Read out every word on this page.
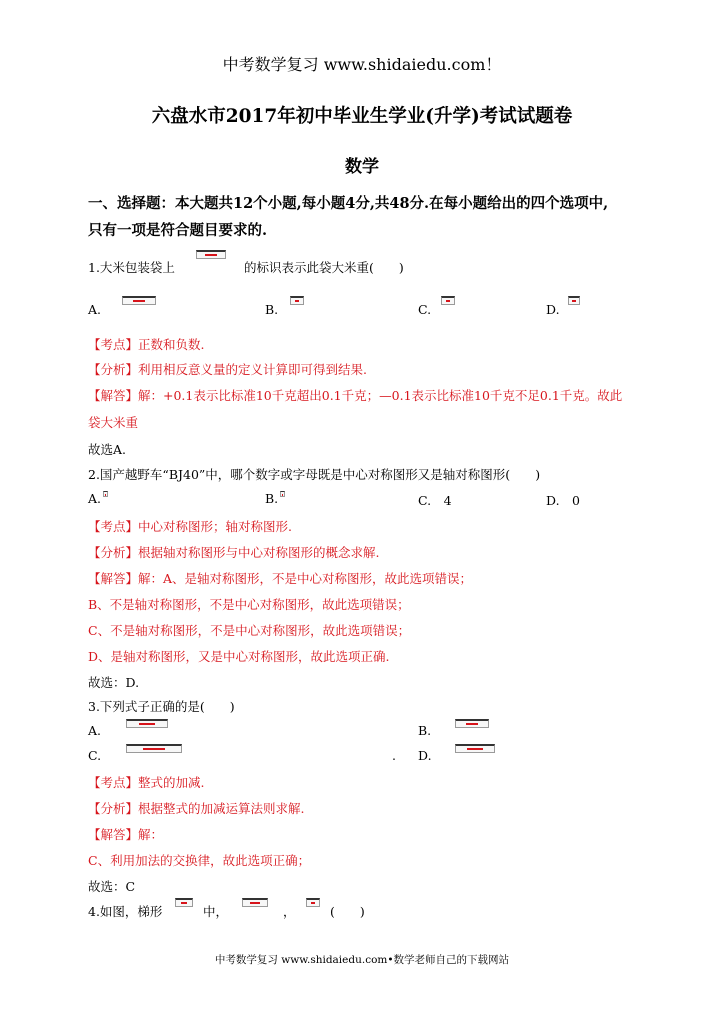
中考数学复习 www.shidaiedu.com！
六盘水市2017年初中毕业生学业(升学)考试试题卷
数学
一、选择题：本大题共12个小题,每小题4分,共48分.在每小题给出的四个选项中,
只有一项是符合题目要求的.
1.大米包装袋上	的标识表示此袋大米重(　　)
A.	B.	C.	D.
【考点】正数和负数.
【分析】利用相反意义量的定义计算即可得到结果.
【解答】解：+0.1表示比标准10千克超出0.1千克；—0.1表示比标准10千克不足0.1千克。故此
袋大米重
故选A.
2.国产越野车“BJ40”中，哪个数字或字母既是中心对称图形又是轴对称图形(　　)
A.	B.	C.　4	D.　0
【考点】中心对称图形；轴对称图形.
【分析】根据轴对称图形与中心对称图形的概念求解.
【解答】解：A、是轴对称图形，不是中心对称图形，故此选项错误；
B、不是轴对称图形，不是中心对称图形，故此选项错误；
C、不是轴对称图形，不是中心对称图形，故此选项错误；
D、是轴对称图形，又是中心对称图形，故此选项正确.
故选：D.
3.下列式子正确的是(　　)
A.	B.
C.	. D.
【考点】整式的加减.
【分析】根据整式的加减运算法则求解.
【解答】解：
C、利用加法的交换律，故此选项正确；
故选：C
4.如图，梯形	中，	，	(　　)
中考数学复习 www.shidaiedu.com•数学老师自己的下载网站
